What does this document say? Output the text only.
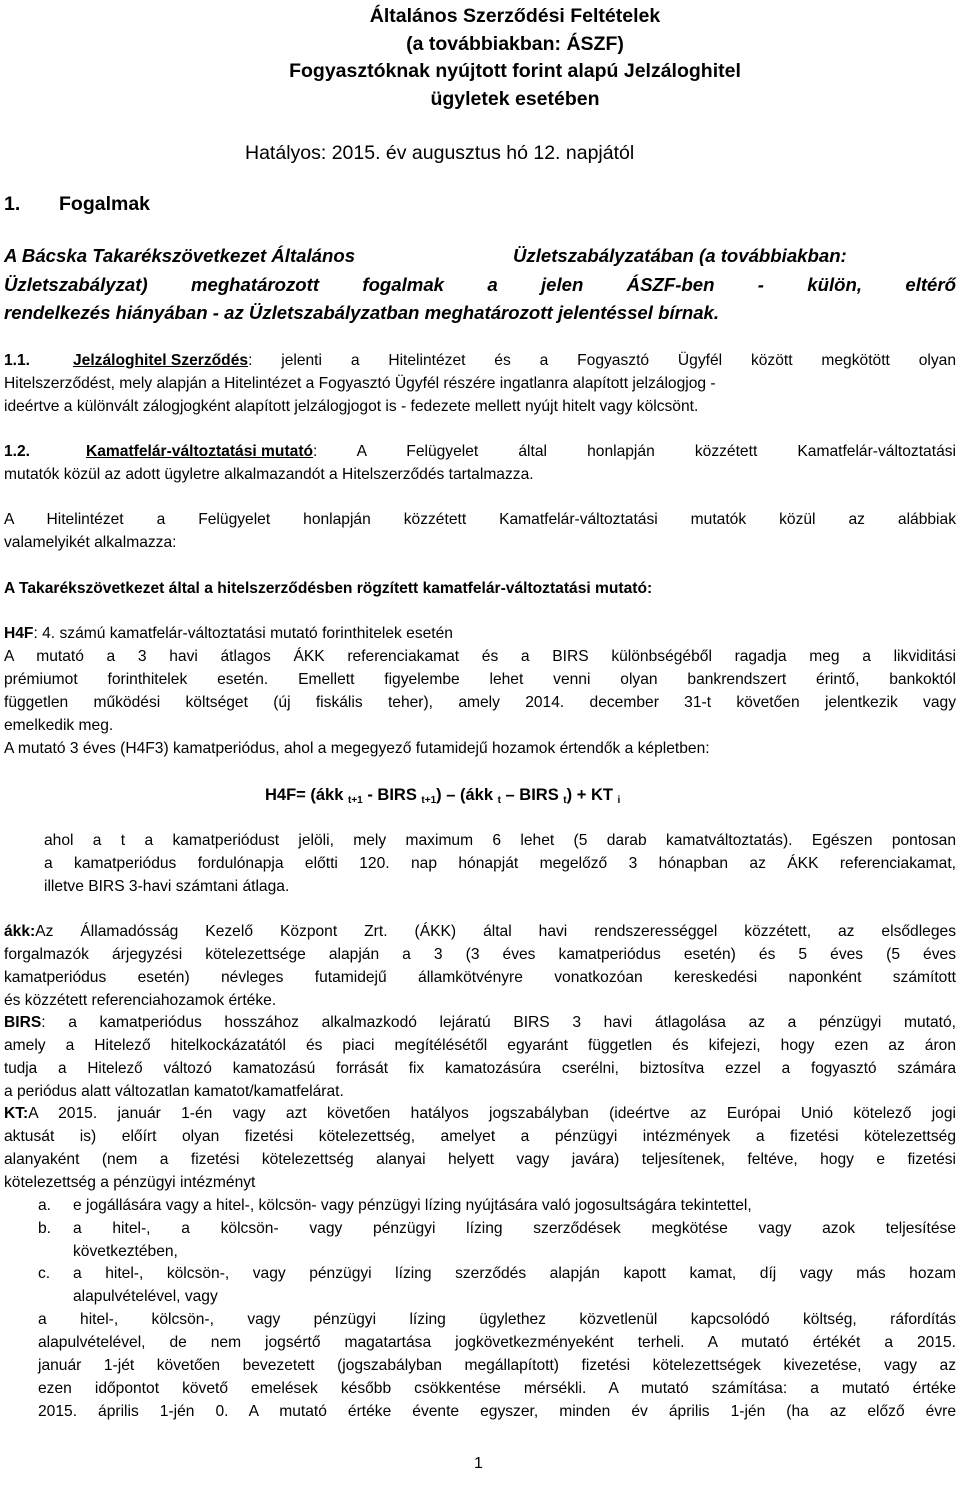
Általános Szerződési Feltételek
(a továbbiakban: ÁSZF)
Fogyasztóknak nyújtott forint alapú Jelzáloghitel
ügyletek esetében
Hatályos: 2015. év augusztus hó 12. napjától
1. Fogalmak
A Bácska Takarékszövetkezet Általános	Üzletszabályzatában (a továbbiakban:
Üzletszabályzat) meghatározott fogalmak a jelen ÁSZF-ben - külön, eltérő
rendelkezés hiányában - az Üzletszabályzatban meghatározott jelentéssel bírnak.
1.1.	Jelzáloghitel Szerződés : jelenti a Hitelintézet és a Fogyasztó Ügyfél között megkötött olyan
Hitelszerződést, mely alapján a Hitelintézet a Fogyasztó Ügyfél részére ingatlanra alapított jelzálogjog -
ideértve a különvált zálogjogként alapított jelzálogjogot is - fedezete mellett nyújt hitelt vagy kölcsönt.
1.2.	Kamatfelár-változtatási mutató : A Felügyelet által honlapján közzétett Kamatfelár-változtatási
mutatók közül az adott ügyletre alkalmazandót a Hitelszerződés tartalmazza.
A Hitelintézet a Felügyelet honlapján közzétett Kamatfelár-változtatási mutatók közül az alábbiak
valamelyikét alkalmazza:
A Takarékszövetkezet által a hitelszerződésben rögzített kamatfelár-változtatási mutató:
H4F: 4. számú kamatfelár-változtatási mutató forinthitelek esetén
A mutató a 3 havi átlagos ÁKK referenciakamat és a BIRS különbségéből ragadja meg a likviditási
prémiumot forinthitelek esetén. Emellett figyelembe lehet venni olyan bankrendszert érintő, bankoktól
független működési költséget (új fiskális teher), amely 2014. december 31-t követően jelentkezik vagy
emelkedik meg.
A mutató 3 éves (H4F3) kamatperiódus, ahol a megegyező futamidejű hozamok értendők a képletben:
H4F= (ákk $_{t+1}$ - BIRS $_{t+1}$) – (ákk $_t$ – BIRS $_t$) + KT $_i$
ahol a t a kamatperiódust jelöli, mely maximum 6 lehet (5 darab kamatváltoztatás). Egészen pontosan
a kamatperiódus fordulónapja előtti 120. nap hónapját megelőző 3 hónapban az ÁKK referenciakamat,
illetve BIRS 3-havi számtani átlaga.
ákk: Az Államadósság Kezelő Központ Zrt. (ÁKK) által havi rendszerességgel közzétett, az elsődleges
forgalmazók árjegyzési kötelezettsége alapján a 3 (3 éves kamatperiódus esetén) és 5 éves (5 éves
kamatperiódus esetén) névleges futamidejű államkötvényre vonatkozóan kereskedési naponként számított
és közzétett referenciahozamok értéke.
BIRS : a kamatperiódus hosszához alkalmazkodó lejáratú BIRS 3 havi átlagolása az a pénzügyi mutató,
amely a Hitelező hitelkockázatától és piaci megítélésétől egyaránt független és kifejezi, hogy ezen az áron
tudja a Hitelező változó kamatozású forrását fix kamatozásúra cserélni, biztosítva ezzel a fogyasztó számára
a periódus alatt változatlan kamatot/kamatfelárat.
KT: A 2015. január 1-én vagy azt követően hatályos jogszabályban (ideértve az Európai Unió kötelező jogi
aktusát is) előírt olyan fizetési kötelezettség, amelyet a pénzügyi intézmények a fizetési kötelezettség
alanyaként (nem a fizetési kötelezettség alanyai helyett vagy javára) teljesítenek, feltéve, hogy e fizetési
kötelezettség a pénzügyi intézményt
a. e jogállására vagy a hitel-, kölcsön- vagy pénzügyi lízing nyújtására való jogosultságára tekintettel,
b. a hitel-, a kölcsön- vagy pénzügyi lízing szerződések megkötése vagy azok teljesítése
következtében,
c. a hitel-, kölcsön-, vagy pénzügyi lízing szerződés alapján kapott kamat, díj vagy más hozam
alapulvételével, vagy
a hitel-, kölcsön-, vagy pénzügyi lízing ügylethez közvetlenül kapcsolódó költség, ráfordítás
alapulvételével, de nem jogsértő magatartása jogkövetkezményeként terheli. A mutató értékét a 2015.
január 1-jét követően bevezetett (jogszabályban megállapított) fizetési kötelezettségek kivezetése, vagy az
ezen időpontot követő emelések később csökkentése mérsékli. A mutató számítása: a mutató értéke
2015. április 1-jén 0. A mutató értéke évente egyszer, minden év április 1-jén (ha az előző évre
1
